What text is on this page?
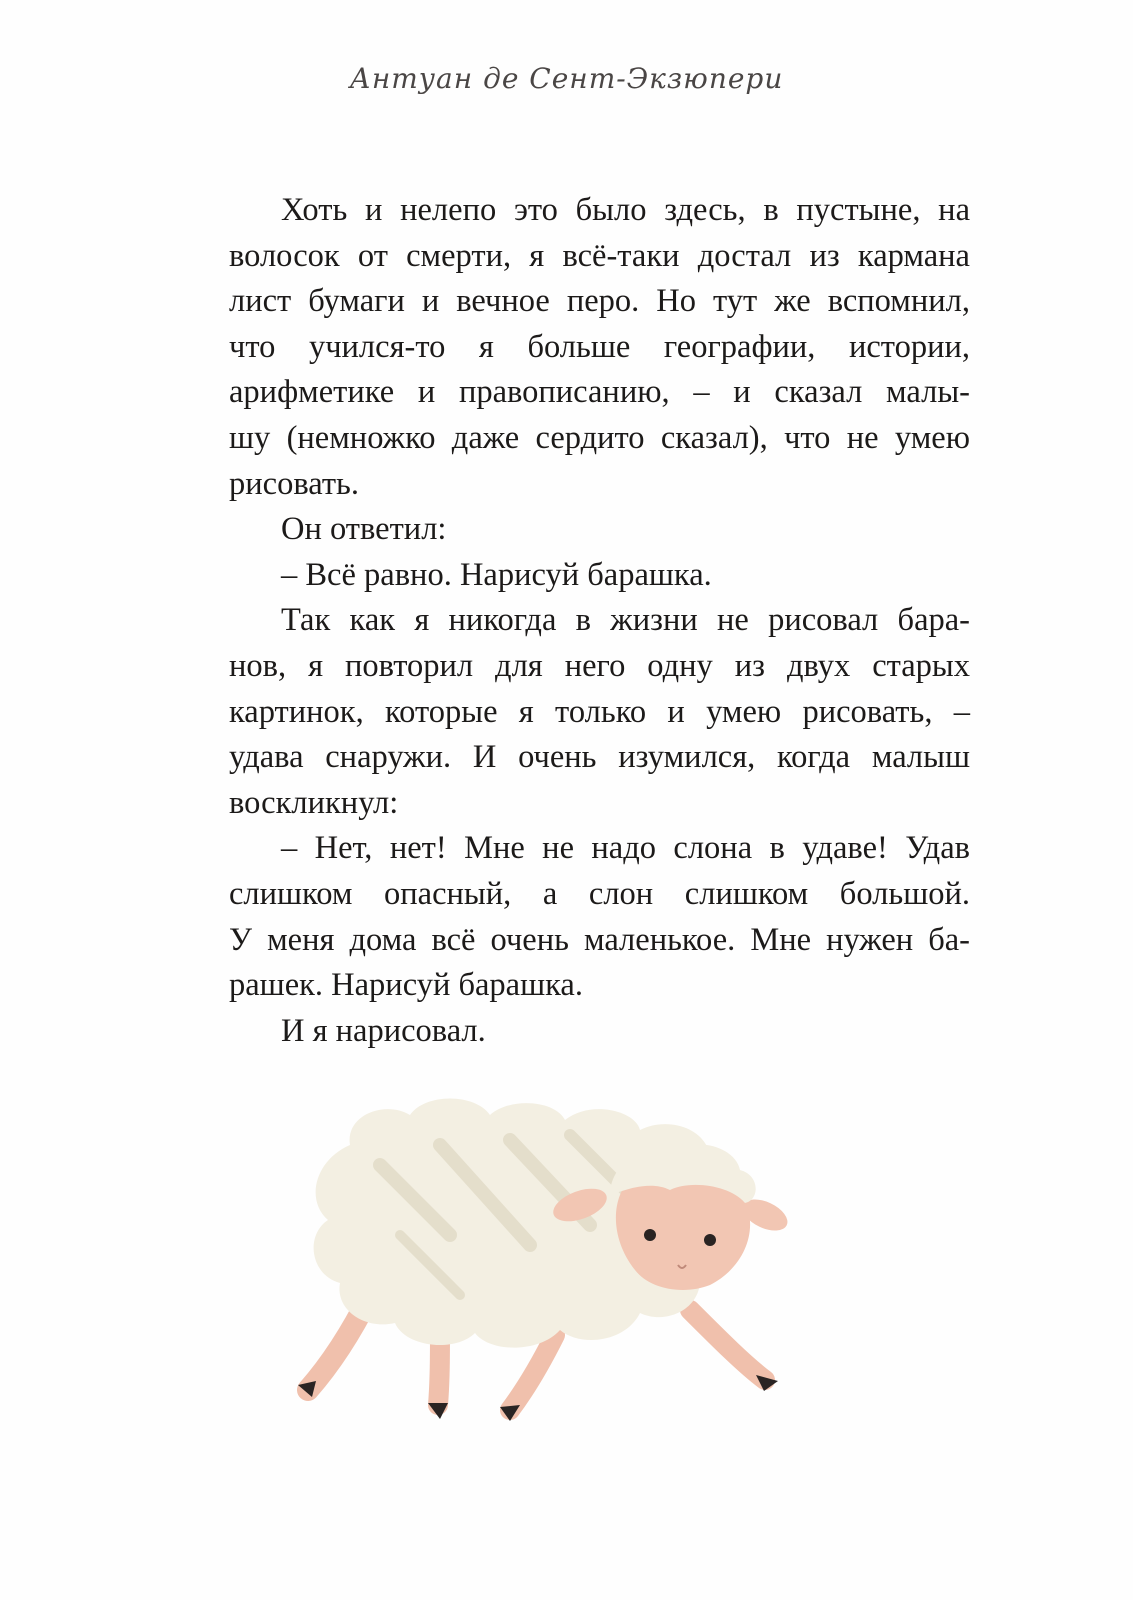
Антуан де Сент-Экзюпери
Хоть и нелепо это было здесь, в пустыне, на
волосок от смерти, я всё-таки достал из кармана
лист бумаги и вечное перо. Но тут же вспомнил,
что учился-то я больше географии, истории,
арифметике и правописанию, – и сказал малы-
шу (немножко даже сердито сказал), что не умею
рисовать.
Он ответил:
– Всё равно. Нарисуй барашка.
Так как я никогда в жизни не рисовал бара-
нов, я повторил для него одну из двух старых
картинок, которые я только и умею рисовать, –
удава снаружи. И очень изумился, когда малыш
воскликнул:
– Нет, нет! Мне не надо слона в удаве! Удав
слишком опасный, а слон слишком большой.
У меня дома всё очень маленькое. Мне нужен ба-
рашек. Нарисуй барашка.
И я нарисовал.
